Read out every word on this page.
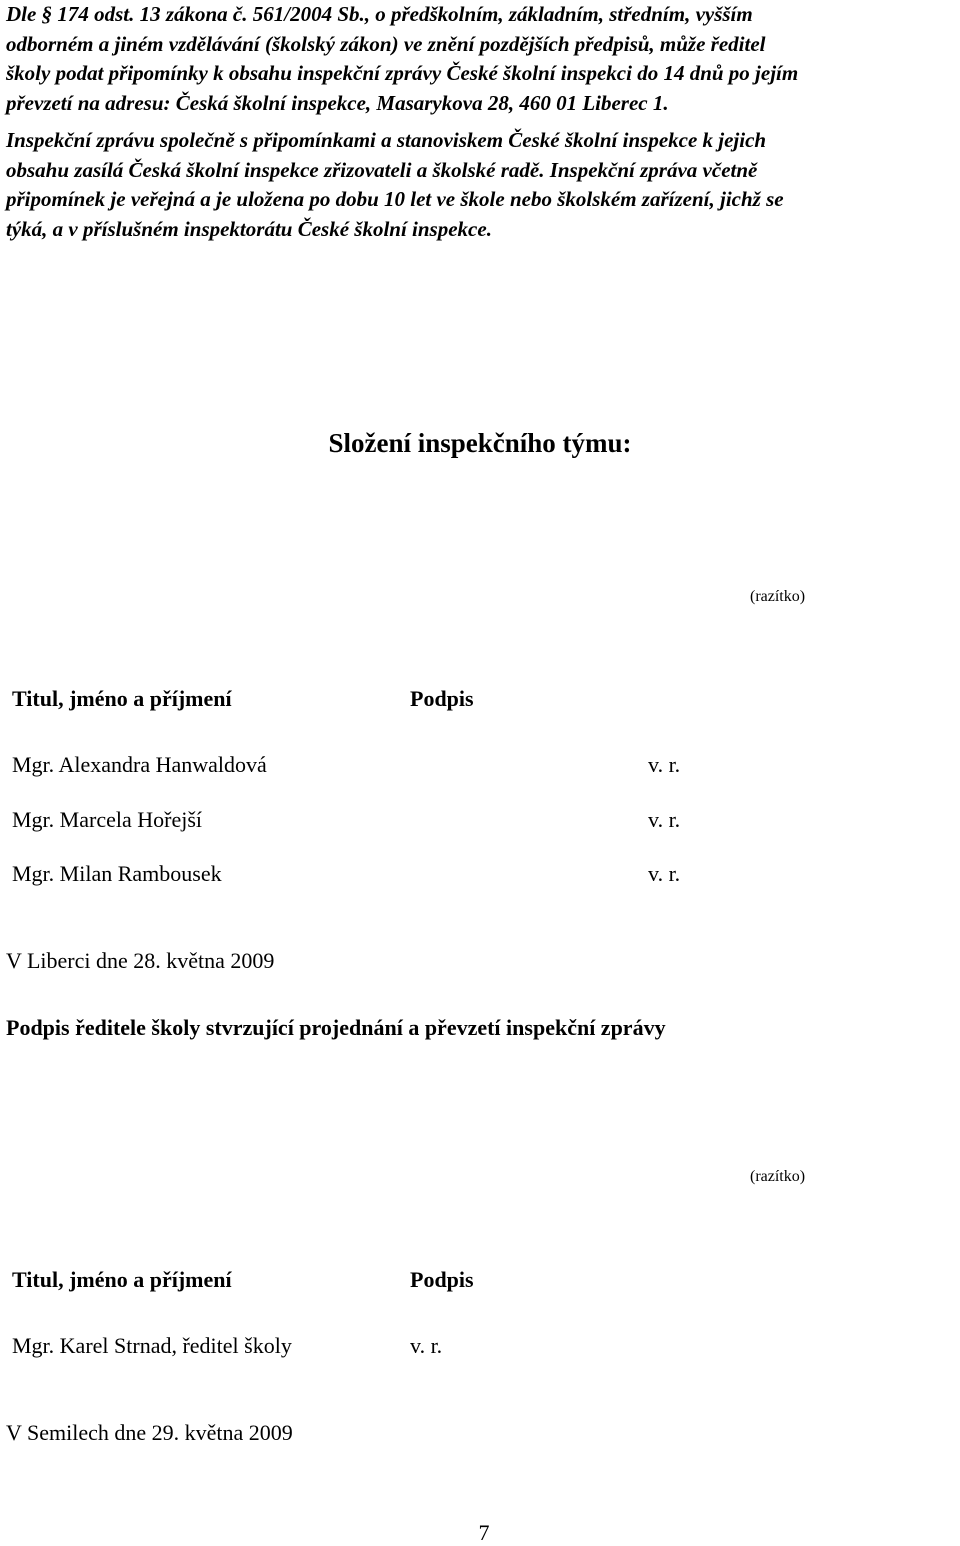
Dle § 174 odst. 13 zákona č. 561/2004 Sb., o předškolním, základním, středním, vyšším
odborném a jiném vzdělávání (školský zákon) ve znění pozdějších předpisů, může ředitel
školy podat připomínky k obsahu inspekční zprávy České školní inspekci do 14 dnů po jejím
převzetí na adresu: Česká školní inspekce, Masarykova 28, 460 01 Liberec 1.
Inspekční zprávu společně s připomínkami a stanoviskem České školní inspekce k jejich
obsahu zasílá Česká školní inspekce zřizovateli a školské radě. Inspekční zpráva včetně
připomínek je veřejná a je uložena po dobu 10 let ve škole nebo školském zařízení, jichž se
týká, a v příslušném inspektorátu České školní inspekce.
Složení inspekčního týmu:
(razítko)
Titul, jméno a příjmení	Podpis
Mgr. Alexandra Hanwaldová	v. r.
Mgr. Marcela Hořejší	v. r.
Mgr. Milan Rambousek	v. r.
V Liberci dne 28. května 2009
Podpis ředitele školy stvrzující projednání a převzetí inspekční zprávy
(razítko)
Titul, jméno a příjmení	Podpis
Mgr. Karel Strnad, ředitel školy	v. r.
V Semilech dne 29. května 2009
7
